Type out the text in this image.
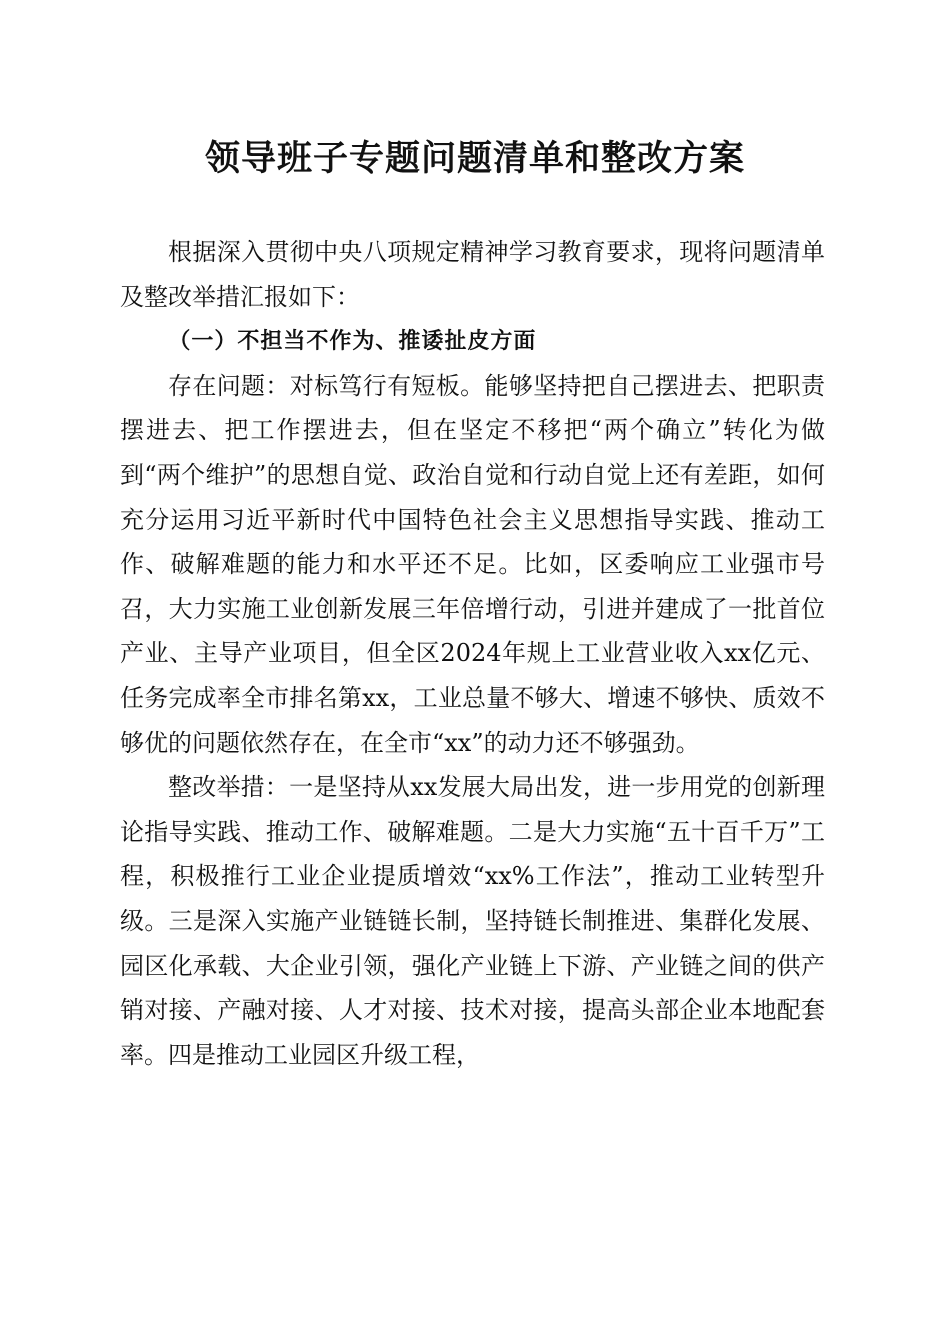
领导班子专题问题清单和整改方案

根据深入贯彻中央八项规定精神学习教育要求，现将问题清单及整改举措汇报如下：

（一）不担当不作为、推诿扯皮方面

存在问题：对标笃行有短板。能够坚持把自己摆进去、把职责摆进去、把工作摆进去，但在坚定不移把“两个确立”转化为做到“两个维护”的思想自觉、政治自觉和行动自觉上还有差距，如何充分运用习近平新时代中国特色社会主义思想指导实践、推动工作、破解难题的能力和水平还不足。比如，区委响应工业强市号召，大力实施工业创新发展三年倍增行动，引进并建成了一批首位产业、主导产业项目，但全区2024年规上工业营业收入xx亿元、任务完成率全市排名第xx，工业总量不够大、增速不够快、质效不够优的问题依然存在，在全市“xx”的动力还不够强劲。

整改举措：一是坚持从xx发展大局出发，进一步用党的创新理论指导实践、推动工作、破解难题。二是大力实施“五十百千万”工程，积极推行工业企业提质增效“xx%工作法”，推动工业转型升级。三是深入实施产业链链长制，坚持链长制推进、集群化发展、园区化承载、大企业引领，强化产业链上下游、产业链之间的供产销对接、产融对接、人才对接、技术对接，提高头部企业本地配套率。四是推动工业园区升级工程，
